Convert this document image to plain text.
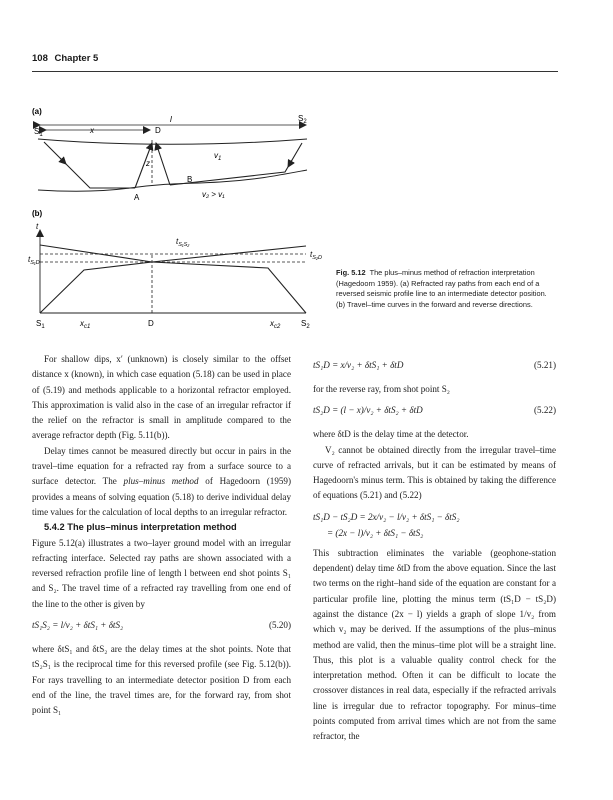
108 Chapter 5
(a)
l	$S_2$
$S_1$	x	D
z
$v_1$
B
A	v₂ > v₁
(b)
t
$t_{S_1S_2}$
$t_{S_1D}$
$t_{S_2D}$
$S_1$	$x_{c1}$	D	$x_{c2}$	$S_2$
Fig. 5.12 The plus–minus method of refraction interpretation (Hagedoorn 1959). (a) Refracted ray paths from each end of a reversed seismic profile line to an intermediate detector position. (b) Travel–time curves in the forward and reverse directions.

For shallow dips, x′ (unknown) is closely similar to the offset distance x (known), in which case equation (5.18) can be used in place of (5.19) and methods applicable to a horizontal refractor employed. This approximation is valid also in the case of an irregular refractor if the relief on the refractor is small in amplitude compared to the average refractor depth (Fig. 5.11(b)).

Delay times cannot be measured directly but occur in pairs in the travel–time equation for a refracted ray from a surface source to a surface detector. The plus–minus method of Hagedoorn (1959) provides a means of solving equation (5.18) to derive individual delay time values for the calculation of local depths to an irregular refractor.

5.4.2 The plus–minus interpretation method

Figure 5.12(a) illustrates a two–layer ground model with an irregular refracting interface. Selected ray paths are shown associated with a reversed refraction profile line of length l between end shot points S₁ and S₂. The travel time of a refracted ray travelling from one end of the line to the other is given by

tS₁S₂ = l/v₂ + δtS₁ + δtS₂	(5.20)

where δtS₁ and δtS₂ are the delay times at the shot points. Note that tS₂S₁ is the reciprocal time for this reversed profile (see Fig. 5.12(b)). For rays travelling to an intermediate detector position D from each end of the line, the travel times are, for the forward ray, from shot point S₁

tS₁D = x/v₂ + δtS₁ + δtD	(5.21)

for the reverse ray, from shot point S₂

tS₂D = (l − x)/v₂ + δtS₂ + δtD	(5.22)

where δtD is the delay time at the detector.

V₂ cannot be obtained directly from the irregular travel–time curve of refracted arrivals, but it can be estimated by means of Hagedoorn's minus term. This is obtained by taking the difference of equations (5.21) and (5.22)

tS₁D − tS₂D = 2x/v₂ − l/v₂ + δtS₁ − δtS₂
= (2x − l)/v₂ + δtS₁ − δtS₂

This subtraction eliminates the variable (geophone-station dependent) delay time δtD from the above equation. Since the last two terms on the right–hand side of the equation are constant for a particular profile line, plotting the minus term (tS₁D − tS₂D) against the distance (2x − l) yields a graph of slope 1/v₂ from which v₂ may be derived. If the assumptions of the plus–minus method are valid, then the minus–time plot will be a straight line. Thus, this plot is a valuable quality control check for the interpretation method. Often it can be difficult to locate the crossover distances in real data, especially if the refracted arrivals line is irregular due to refractor topography. For minus–time points computed from arrival times which are not from the same refractor, the
